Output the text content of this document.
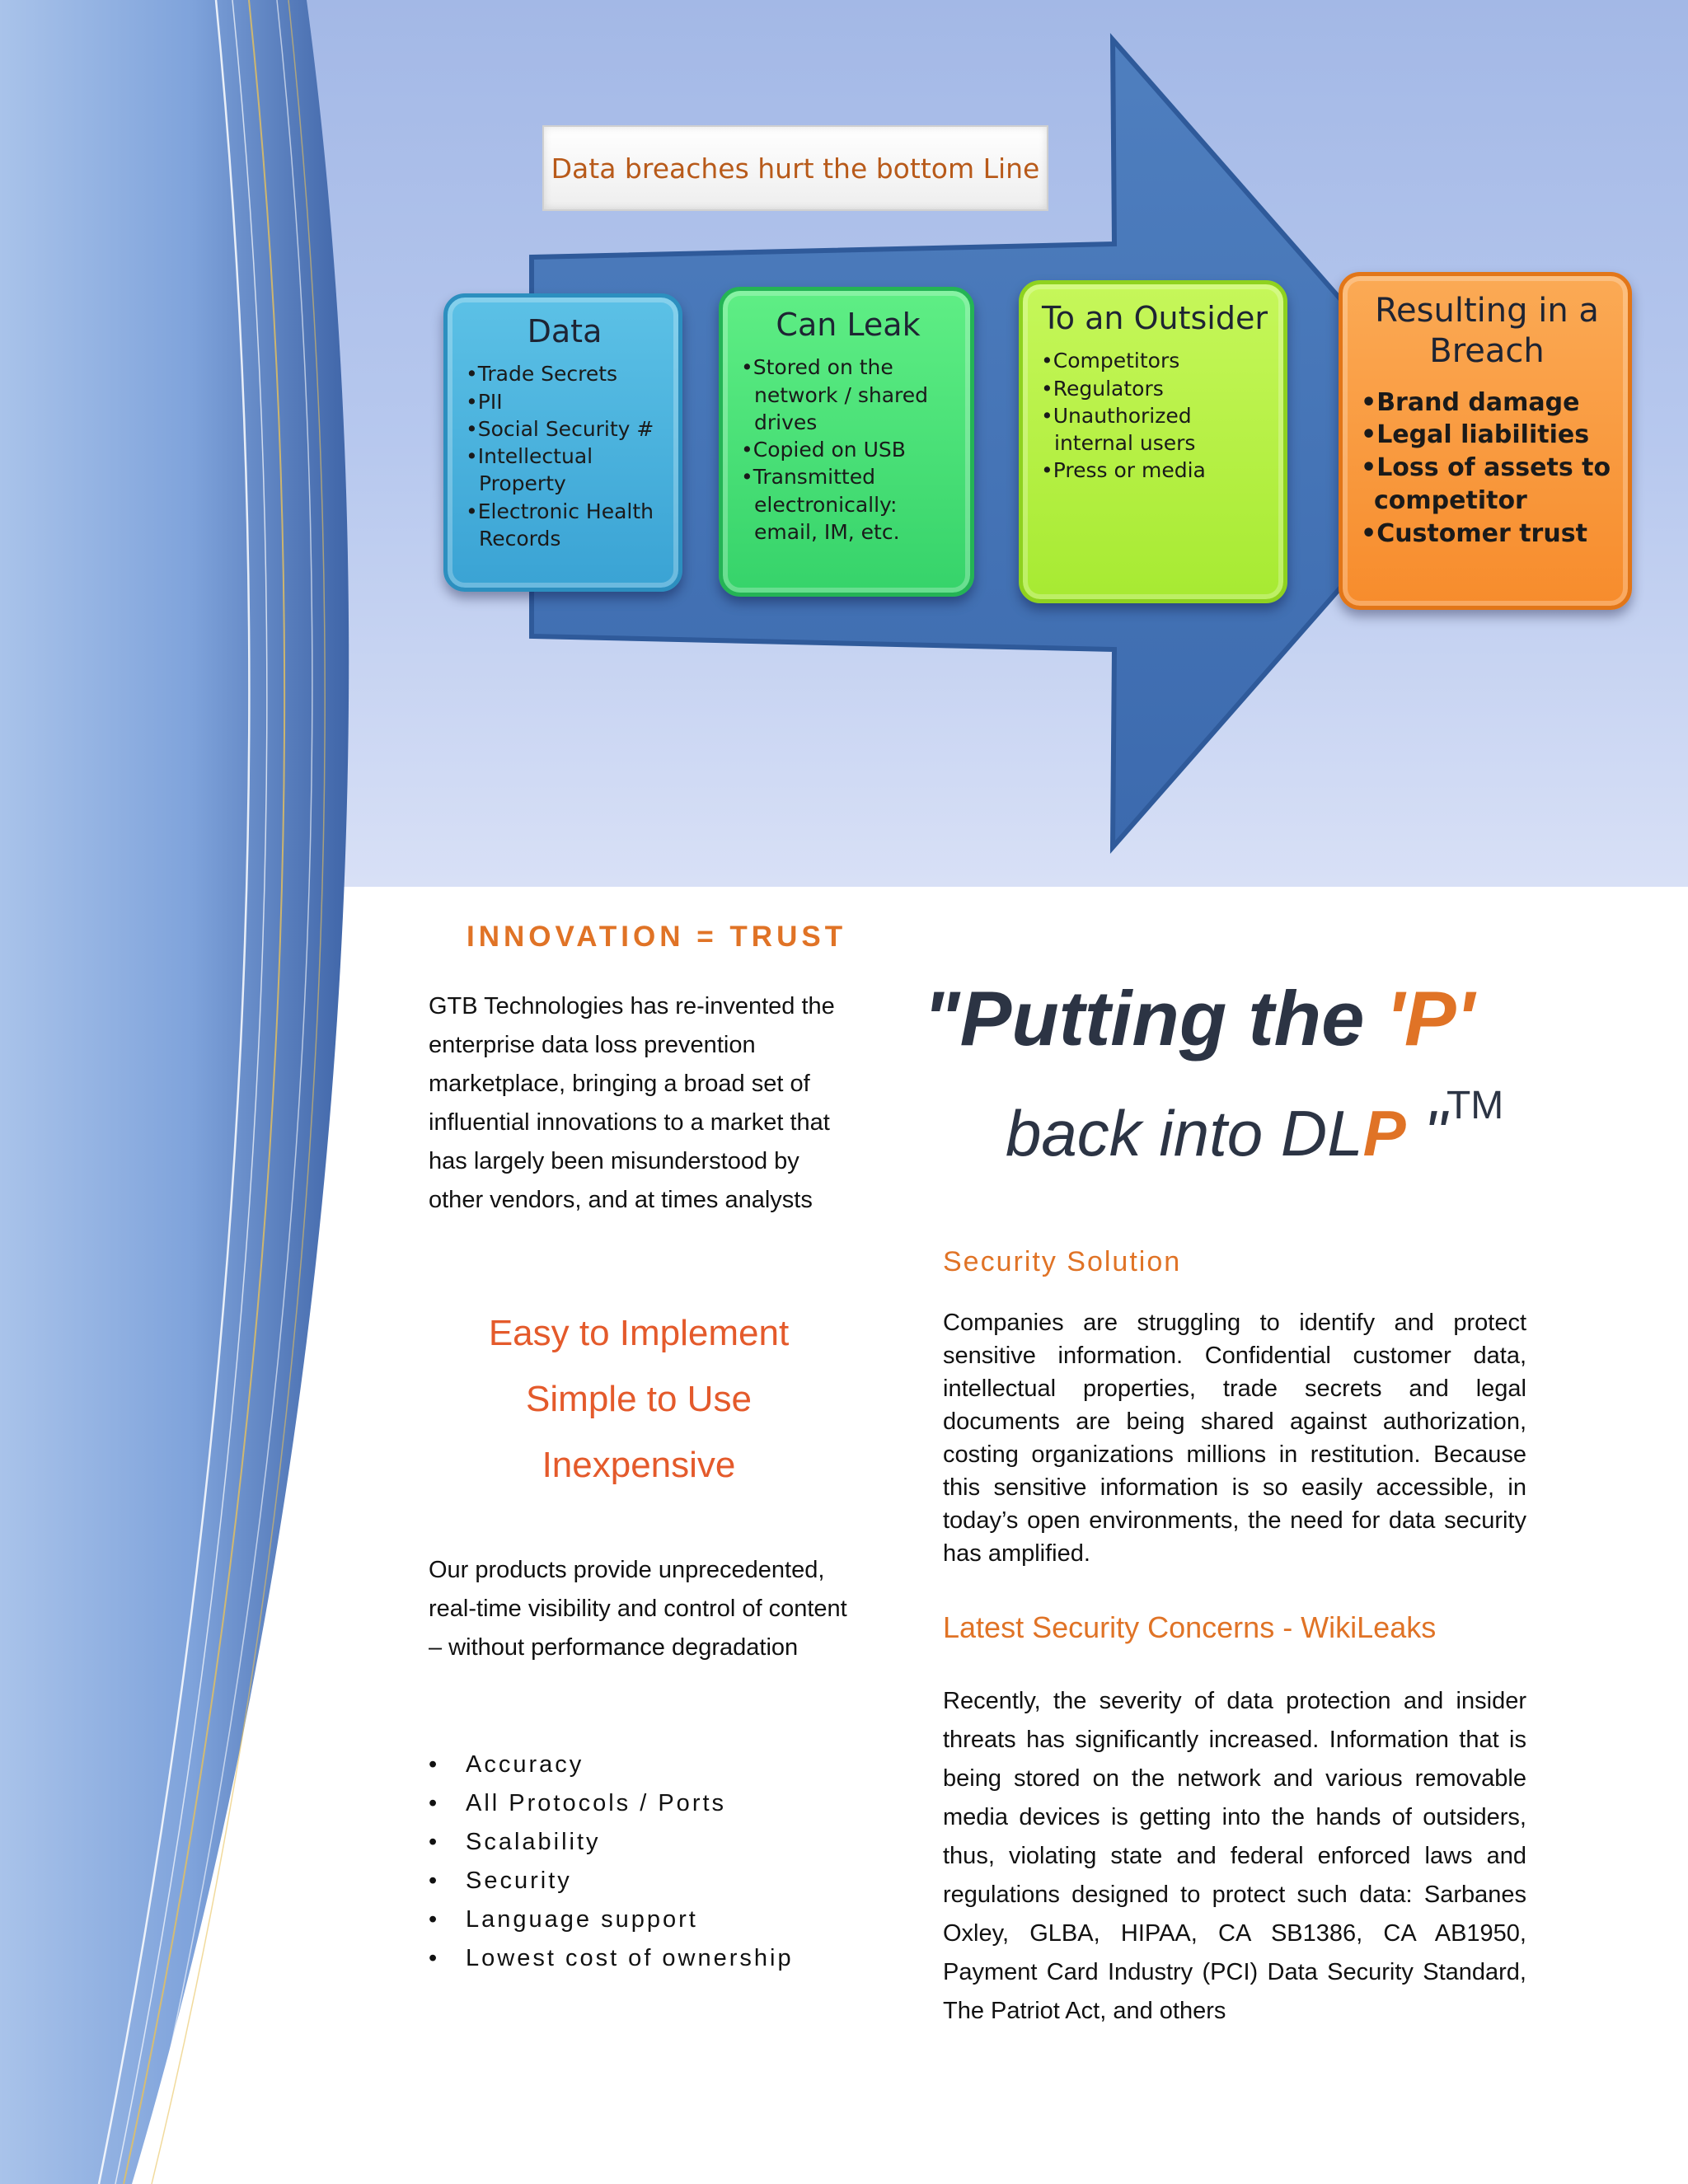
Data breaches hurt the bottom Line
Data
• Trade Secrets
• PII
• Social Security #
• Intellectual Property
• Electronic Health Records
Can Leak
• Stored on the network / shared drives
• Copied on USB
• Transmitted electronically: email, IM, etc.
To an Outsider
• Competitors
• Regulators
• Unauthorized internal users
• Press or media
Resulting in a Breach
• Brand damage
• Legal liabilities
• Loss of assets to competitor
• Customer trust
INNOVATION = TRUST
GTB Technologies has re-invented the enterprise data loss prevention marketplace, bringing a broad set of influential innovations to a market that has largely been misunderstood by other vendors, and at times analysts
Easy to Implement
Simple to Use
Inexpensive
Our products provide unprecedented, real-time visibility and control of content – without performance degradation
• Accuracy
• All Protocols / Ports
• Scalability
• Security
• Language support
• Lowest cost of ownership
"Putting the 'P'
back into DLP "™
Security Solution
Companies are struggling to identify and protect sensitive information. Confidential customer data, intellectual properties, trade secrets and legal documents are being shared against authorization, costing organizations millions in restitution. Because this sensitive information is so easily accessible, in today’s open environments, the need for data security has amplified.
Latest Security Concerns - WikiLeaks
Recently, the severity of data protection and insider threats has significantly increased. Information that is being stored on the network and various removable media devices is getting into the hands of outsiders, thus, violating state and federal enforced laws and regulations designed to protect such data: Sarbanes Oxley, GLBA, HIPAA, CA SB1386, CA AB1950, Payment Card Industry (PCI) Data Security Standard, The Patriot Act, and others
